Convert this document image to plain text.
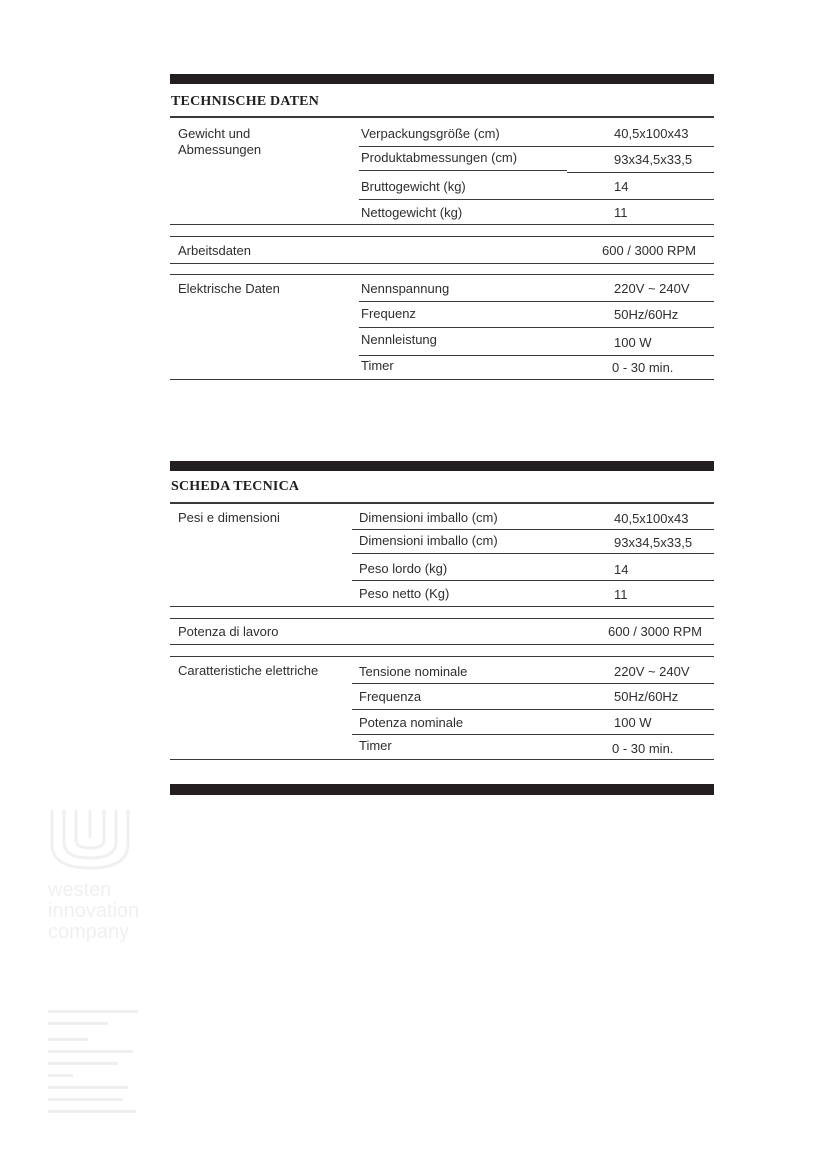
TECHNISCHE DATEN
Gewicht und Abmessungen
Verpackungsgröße (cm)	40,5x100x43
Produktabmessungen (cm)	93x34,5x33,5
Bruttogewicht (kg)	14
Nettogewicht (kg)	11
Arbeitsdaten	600 / 3000 RPM
Elektrische Daten	Nennspannung	220V ~ 240V
Frequenz	50Hz/60Hz
Nennleistung	100 W
Timer	0 - 30 min.
SCHEDA TECNICA
Pesi e dimensioni	Dimensioni imballo (cm)	40,5x100x43
Dimensioni imballo (cm)	93x34,5x33,5
Peso lordo (kg)	14
Peso netto (Kg)	11
Potenza di lavoro	600 / 3000 RPM
Caratteristiche elettriche	Tensione nominale	220V ~ 240V
Frequenza	50Hz/60Hz
Potenza nominale	100 W
Timer	0 - 30 min.
westen
innovation
company
